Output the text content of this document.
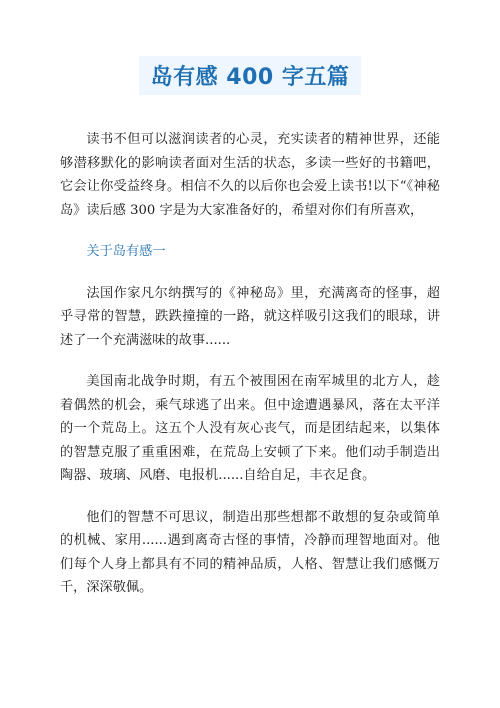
岛有感 400 字五篇

读书不但可以滋润读者的心灵，充实读者的精神世界，还能够潜移默化的影响读者面对生活的状态，多读一些好的书籍吧，它会让你受益终身。相信不久的以后你也会爱上读书!以下“《神秘岛》读后感 300 字是为大家准备好的，希望对你们有所喜欢，

关于岛有感一

法国作家凡尔纳撰写的《神秘岛》里，充满离奇的怪事，超乎寻常的智慧，跌跌撞撞的一路，就这样吸引这我们的眼球，讲述了一个充满滋味的故事......

美国南北战争时期，有五个被围困在南军城里的北方人，趁着偶然的机会，乘气球逃了出来。但中途遭遇暴风，落在太平洋的一个荒岛上。这五个人没有灰心丧气，而是团结起来，以集体的智慧克服了重重困难，在荒岛上安顿了下来。他们动手制造出陶器、玻璃、风磨、电报机......自给自足，丰衣足食。

他们的智慧不可思议，制造出那些想都不敢想的复杂或简单的机械、家用......遇到离奇古怪的事情，冷静而理智地面对。他们每个人身上都具有不同的精神品质，人格、智慧让我们感慨万千，深深敬佩。
